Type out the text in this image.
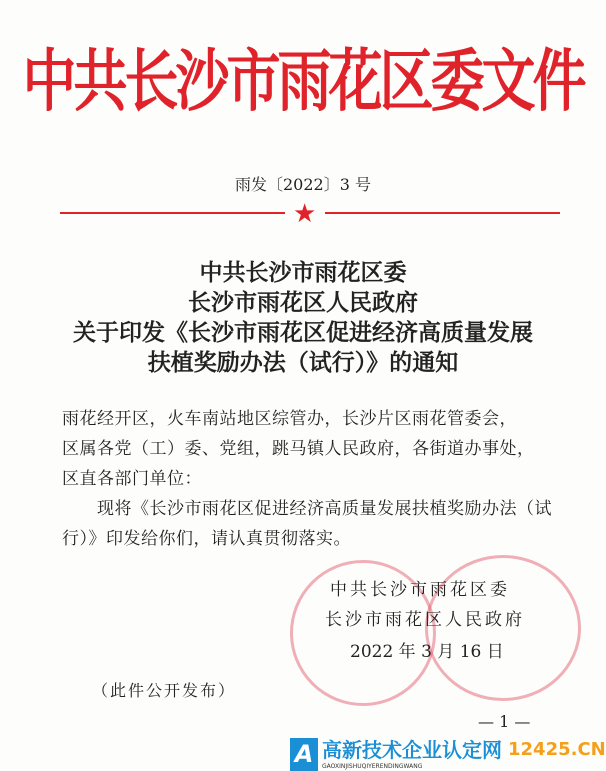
中共长沙市雨花区委文件
雨发〔2022〕3 号
★
中共长沙市雨花区委
长沙市雨花区人民政府
关于印发《长沙市雨花区促进经济高质量发展
扶植奖励办法（试行）》的通知
雨花经开区，火车南站地区综管办，长沙片区雨花管委会，
区属各党（工）委、党组，跳马镇人民政府，各街道办事处，
区直各部门单位：
　　现将《长沙市雨花区促进经济高质量发展扶植奖励办法（试
行）》印发给你们，请认真贯彻落实。
中共长沙市雨花区委
长沙市雨花区人民政府
2022 年 3 月 16 日
（此件公开发布）
— 1 —
A 高新技术企业认定网 12425.CN
GAOXINJISHUQIYERENDINGWANG
